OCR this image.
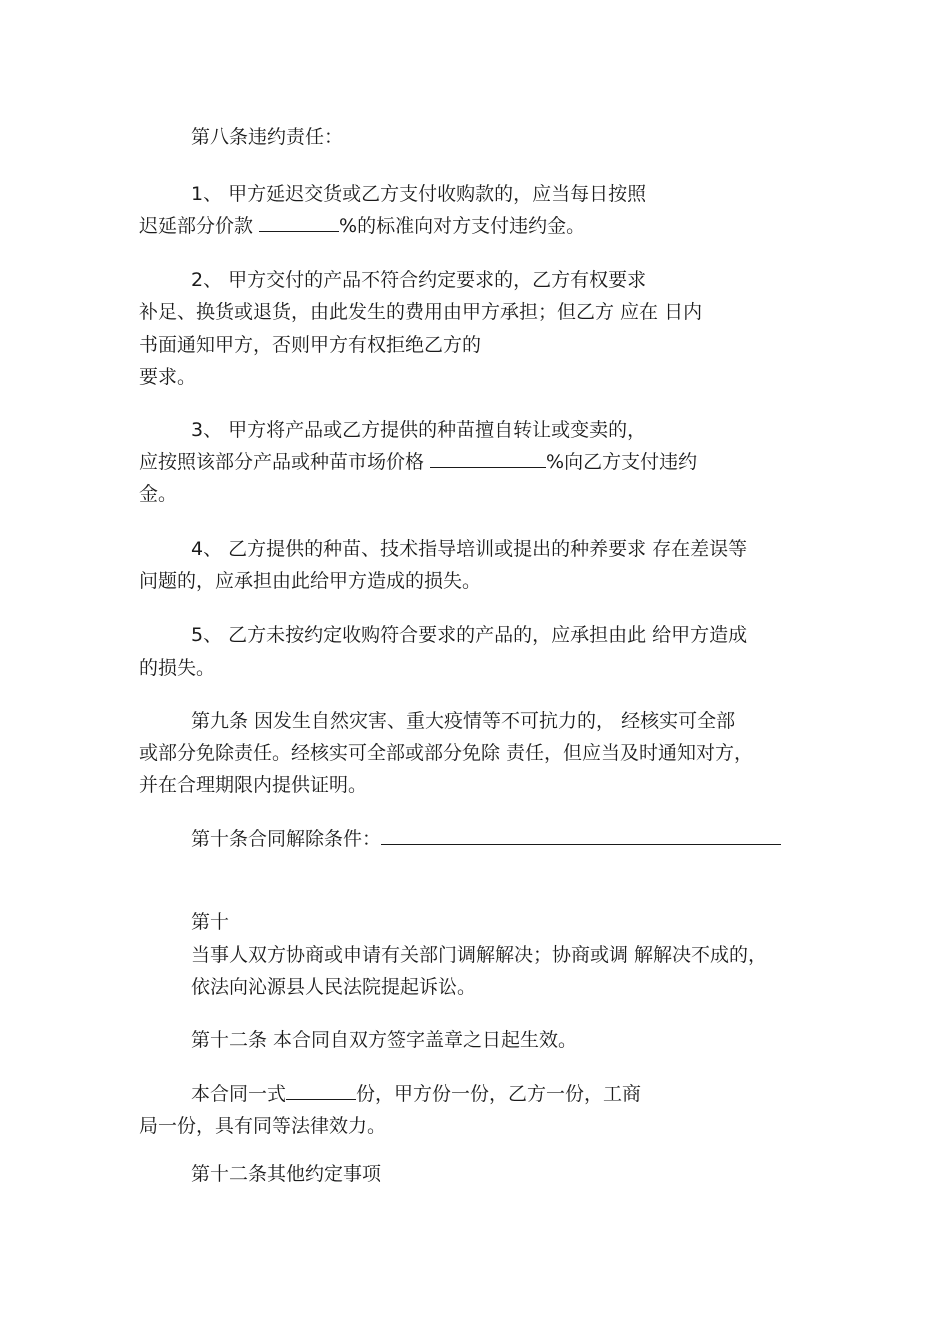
第八条违约责任：
1、 甲方延迟交货或乙方支付收购款的，应当每日按照
迟延部分价款	%的标准向对方支付违约金。
2、 甲方交付的产品不符合约定要求的，乙方有权要求
补足、换货或退货，由此发生的费用由甲方承担；但乙方 应在 日内
书面通知甲方，否则甲方有权拒绝乙方的
要求。
3、 甲方将产品或乙方提供的种苗擅自转让或变卖的，
应按照该部分产品或种苗市场价格	%向乙方支付违约
金。
4、 乙方提供的种苗、技术指导培训或提出的种养要求 存在差误等
问题的，应承担由此给甲方造成的损失。
5、 乙方未按约定收购符合要求的产品的，应承担由此 给甲方造成
的损失。
第九条 因发生自然灾害、重大疫情等不可抗力的， 经核实可全部
或部分免除责任。经核实可全部或部分免除 责任，但应当及时通知对方，
并在合理期限内提供证明。
第十条合同解除条件：
第十
当事人双方协商或申请有关部门调解解决；协商或调 解解决不成的，
依法向沁源县人民法院提起诉讼。
第十二条 本合同自双方签字盖章之日起生效。
本合同一式	份，甲方份一份，乙方一份，工商
局一份，具有同等法律效力。
第十二条其他约定事项
